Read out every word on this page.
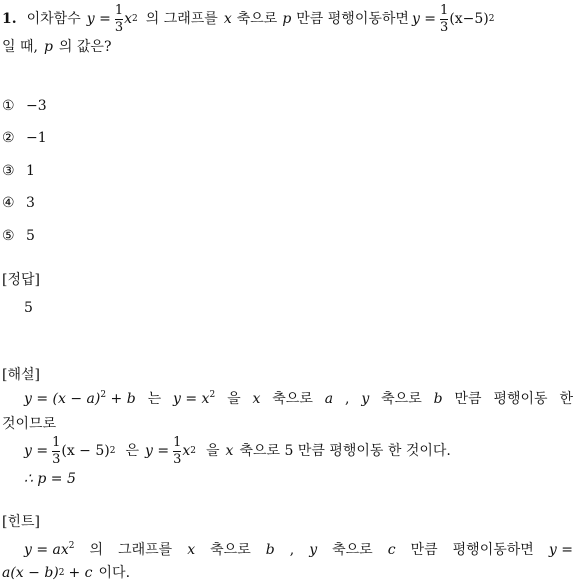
1. 이차함수 $y = \frac{1}{3}$ x 2 의 그래프를 x 축으로 p 만큼 평행이동하면 $y = \frac{1}{3} (x-5)$ 2
일 때, p 의 값은?
① −3
② −1
③ 1
④ 3
⑤ 5
[정답]
5
[해설]
$y = (x - a)^2 + b$ 는 $y = x^2$ 을 x 축으로 a , y 축으로 b 만큼 평행이동 한
것이므로
$y = \frac{1}{3} (x - 5)$ 2 은 $y = \frac{1}{3}$ x 2 을 x 축으로 5 만큼 평행이동 한 것이다.
∴ p = 5
[힌트]
$y = ax^2$ 의 그래프를 x 축으로 b , y 축으로 c 만큼 평행이동하면 y =
a(x − b) 2 + c 이다.
